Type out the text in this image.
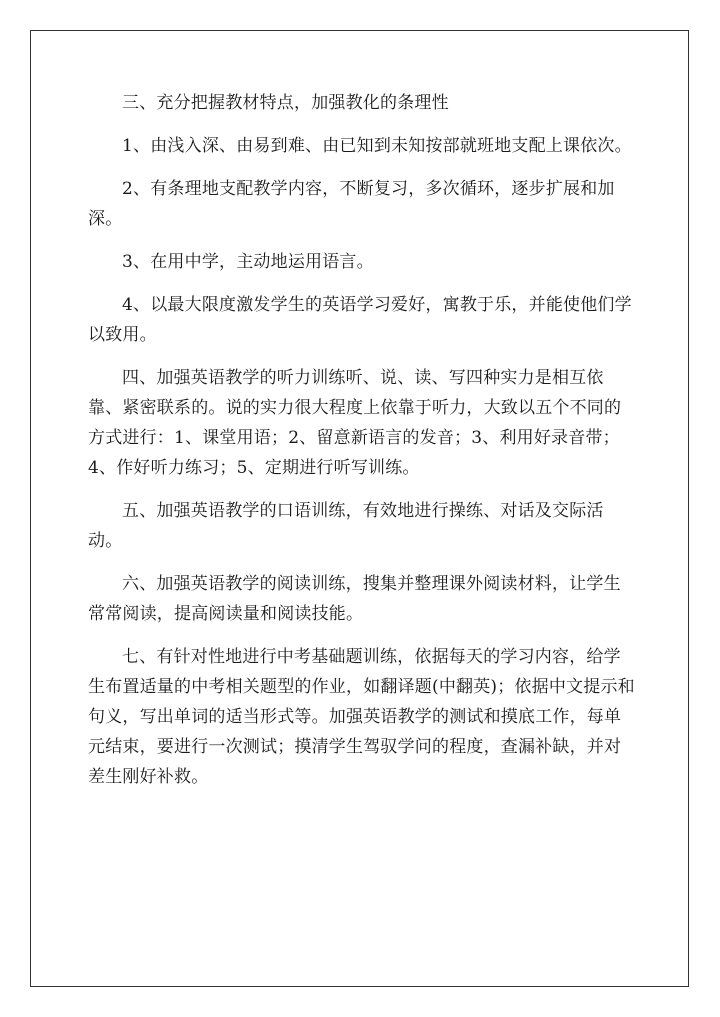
三、充分把握教材特点，加强教化的条理性

1、由浅入深、由易到难、由已知到未知按部就班地支配上课依次。

2、有条理地支配教学内容，不断复习，多次循环，逐步扩展和加深。

3、在用中学，主动地运用语言。

4、以最大限度激发学生的英语学习爱好，寓教于乐，并能使他们学以致用。

四、加强英语教学的听力训练听、说、读、写四种实力是相互依靠、紧密联系的。说的实力很大程度上依靠于听力，大致以五个不同的方式进行：1、课堂用语；2、留意新语言的发音；3、利用好录音带；4、作好听力练习；5、定期进行听写训练。

五、加强英语教学的口语训练，有效地进行操练、对话及交际活动。

六、加强英语教学的阅读训练，搜集并整理课外阅读材料，让学生常常阅读，提高阅读量和阅读技能。

七、有针对性地进行中考基础题训练，依据每天的学习内容，给学生布置适量的中考相关题型的作业，如翻译题(中翻英)；依据中文提示和句义，写出单词的适当形式等。加强英语教学的测试和摸底工作，每单元结束，要进行一次测试；摸清学生驾驭学问的程度，查漏补缺，并对差生刚好补救。
